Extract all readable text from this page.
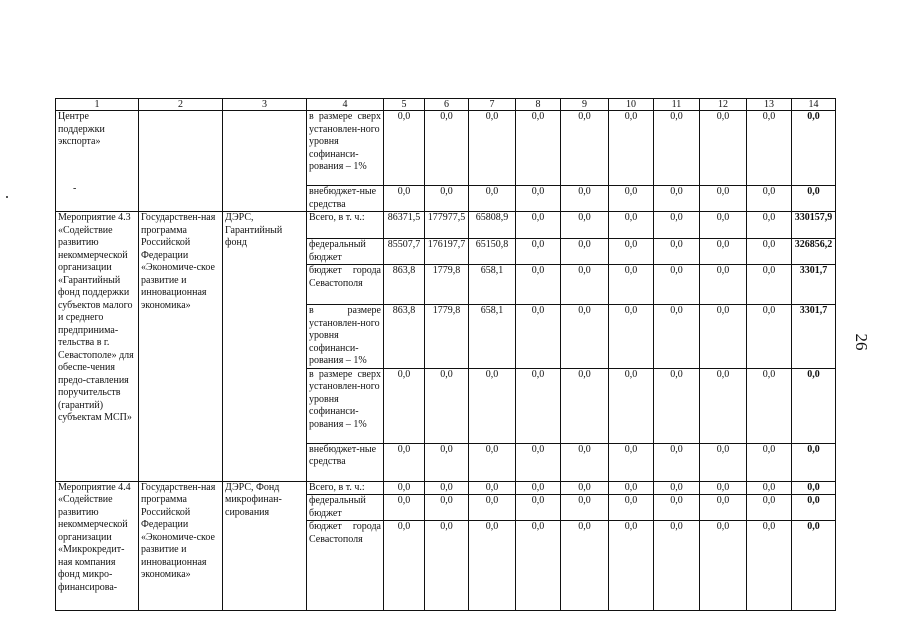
-
1	2	3	4	5	6	7	8	9	10	11	12	13	14
Центре поддержки экспорта»			в размере сверх установлен-ного уровня софинанси-рования – 1%	0,0	0,0	0,0	0,0	0,0	0,0	0,0	0,0	0,0	0,0
			внебюджет-ные средства	0,0	0,0	0,0	0,0	0,0	0,0	0,0	0,0	0,0	0,0
Мероприятие 4.3 «Содействие развитию некоммерческой организации «Гарантийный фонд поддержки субъектов малого и среднего предпринима-тельства в г. Севастополе» для обеспе-чения предо-ставления поручительств (гарантий) субъектам МСП»	Государствен-ная программа Российской Федерации «Экономиче-ское развитие и инновационная экономика»	ДЭРС, Гарантийный фонд	Всего, в т. ч.:	86371,5	177977,5	65808,9	0,0	0,0	0,0	0,0	0,0	0,0	330157,9
			федеральный бюджет	85507,7	176197,7	65150,8	0,0	0,0	0,0	0,0	0,0	0,0	326856,2
			бюджет города Севастополя	863,8	1779,8	658,1	0,0	0,0	0,0	0,0	0,0	0,0	3301,7
			в размере установлен-ного уровня софинанси-рования – 1%	863,8	1779,8	658,1	0,0	0,0	0,0	0,0	0,0	0,0	3301,7
			в размере сверх установлен-ного уровня софинанси-рования – 1%	0,0	0,0	0,0	0,0	0,0	0,0	0,0	0,0	0,0	0,0
			внебюджет-ные средства	0,0	0,0	0,0	0,0	0,0	0,0	0,0	0,0	0,0	0,0
Мероприятие 4.4 «Содействие развитию некоммерческой организации «Микрокредит-ная компания фонд микро-финансирова-	Государствен-ная программа Российской Федерации «Экономиче-ское развитие и инновационная экономика»	ДЭРС, Фонд микрофинан-сирования	Всего, в т. ч.:	0,0	0,0	0,0	0,0	0,0	0,0	0,0	0,0	0,0	0,0
			федеральный бюджет	0,0	0,0	0,0	0,0	0,0	0,0	0,0	0,0	0,0	0,0
			бюджет города Севастополя	0,0	0,0	0,0	0,0	0,0	0,0	0,0	0,0	0,0	0,0
26
